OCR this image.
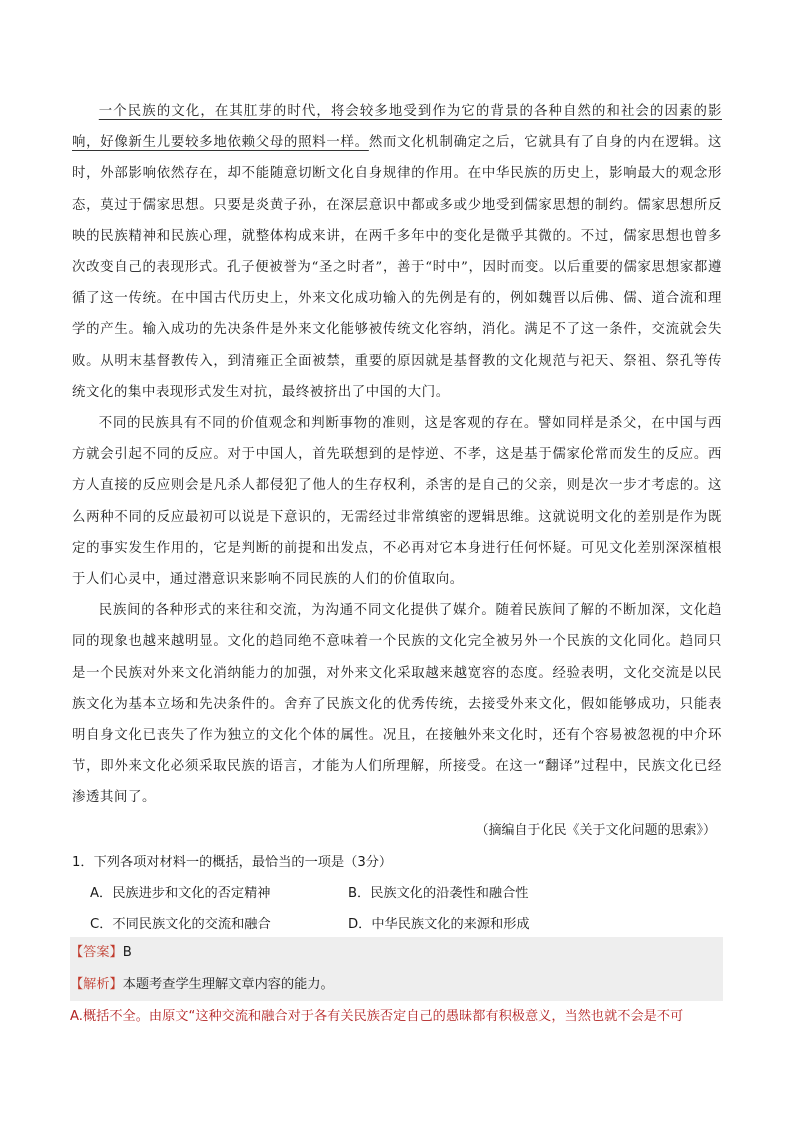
一个民族的文化，在其肛芽的时代，将会较多地受到作为它的背景的各种自然的和社会的因素的影响，好像新生儿要较多地依赖父母的照料一样。然而文化机制确定之后，它就具有了自身的内在逻辑。这时，外部影响依然存在，却不能随意切断文化自身规律的作用。在中华民族的历史上，影响最大的观念形态，莫过于儒家思想。只要是炎黄子孙，在深层意识中都或多或少地受到儒家思想的制约。儒家思想所反映的民族精神和民族心理，就整体构成来讲，在两千多年中的变化是微乎其微的。不过，儒家思想也曾多次改变自己的表现形式。孔子便被誉为“圣之时者”，善于“时中”，因时而变。以后重要的儒家思想家都遵循了这一传统。在中国古代历史上，外来文化成功输入的先例是有的，例如魏晋以后佛、儒、道合流和理学的产生。输入成功的先决条件是外来文化能够被传统文化容纳，消化。满足不了这一条件，交流就会失败。从明末基督教传入，到清雍正全面被禁，重要的原因就是基督教的文化规范与祀天、祭祖、祭孔等传统文化的集中表现形式发生对抗，最终被挤出了中国的大门。

不同的民族具有不同的价值观念和判断事物的准则，这是客观的存在。譬如同样是杀父，在中国与西方就会引起不同的反应。对于中国人，首先联想到的是悖逆、不孝，这是基于儒家伦常而发生的反应。西方人直接的反应则会是凡杀人都侵犯了他人的生存权利，杀害的是自己的父亲，则是次一步才考虑的。这么两种不同的反应最初可以说是下意识的，无需经过非常缜密的逻辑思维。这就说明文化的差别是作为既定的事实发生作用的，它是判断的前提和出发点，不必再对它本身进行任何怀疑。可见文化差别深深植根于人们心灵中，通过潜意识来影响不同民族的人们的价值取向。

民族间的各种形式的来往和交流，为沟通不同文化提供了媒介。随着民族间了解的不断加深，文化趋同的现象也越来越明显。文化的趋同绝不意味着一个民族的文化完全被另外一个民族的文化同化。趋同只是一个民族对外来文化消纳能力的加强，对外来文化采取越来越宽容的态度。经验表明，文化交流是以民族文化为基本立场和先决条件的。舍弃了民族文化的优秀传统，去接受外来文化，假如能够成功，只能表明自身文化已丧失了作为独立的文化个体的属性。况且，在接触外来文化时，还有个容易被忽视的中介环节，即外来文化必须采取民族的语言，才能为人们所理解，所接受。在这一“翻译”过程中，民族文化已经渗透其间了。

（摘编自于化民《关于文化问题的思索》）

1．下列各项对材料一的概括，最恰当的一项是（3分）

A．民族进步和文化的否定精神	B．民族文化的沿袭性和融合性
C．不同民族文化的交流和融合	D．中华民族文化的来源和形成
【答案】B
【解析】本题考查学生理解文章内容的能力。
A.概括不全。由原文“这种交流和融合对于各有关民族否定自己的愚昧都有积极意义，当然也就不会是不可
